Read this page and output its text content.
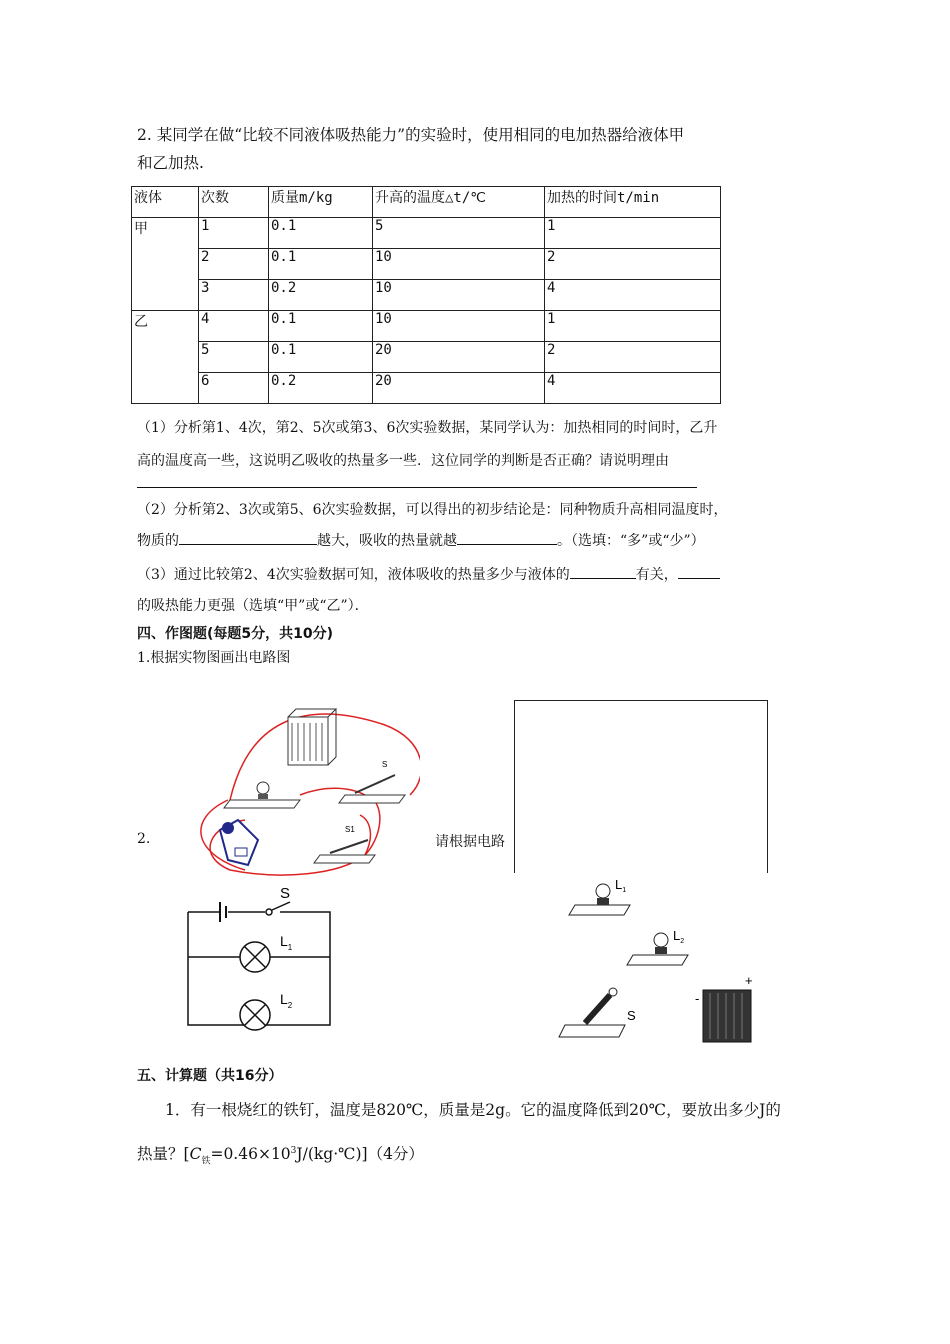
2. 某同学在做“比较不同液体吸热能力”的实验时，使用相同的电加热器给液体甲
和乙加热.
液体	次数	质量m/kg	升高的温度△t/℃	加热的时间t/min
甲	1	0.1	5	1
	2	0.1	10	2
	3	0.2	10	4
乙	4	0.1	10	1
	5	0.1	20	2
	6	0.2	20	4
（1）分析第1、4次，第2、5次或第3、6次实验数据，某同学认为：加热相同的时间时，乙升
高的温度高一些，这说明乙吸收的热量多一些．这位同学的判断是否正确？请说明理由
（2）分析第2、3次或第5、6次实验数据，可以得出的初步结论是：同种物质升高相同温度时，
物质的	越大，吸收的热量就越	。（选填：“多”或“少”）
（3）通过比较第2、4次实验数据可知，液体吸收的热量多少与液体的	有关，
的吸热能力更强（选填“甲”或“乙”）．
四、作图题(每题5分，共10分)
1.根据实物图画出电路图
S
2.
S1
请根据电路
S
$L_1$
$L_2$
$L_1$
$L_2$
S
-
+
五、计算题（共16分）
1．有一根烧红的铁钉，温度是820℃，质量是2g。它的温度降低到20℃，要放出多少J的
热量？$[C_铁=0.46\times 10^3J/(kg\cdot℃)](4$分）
